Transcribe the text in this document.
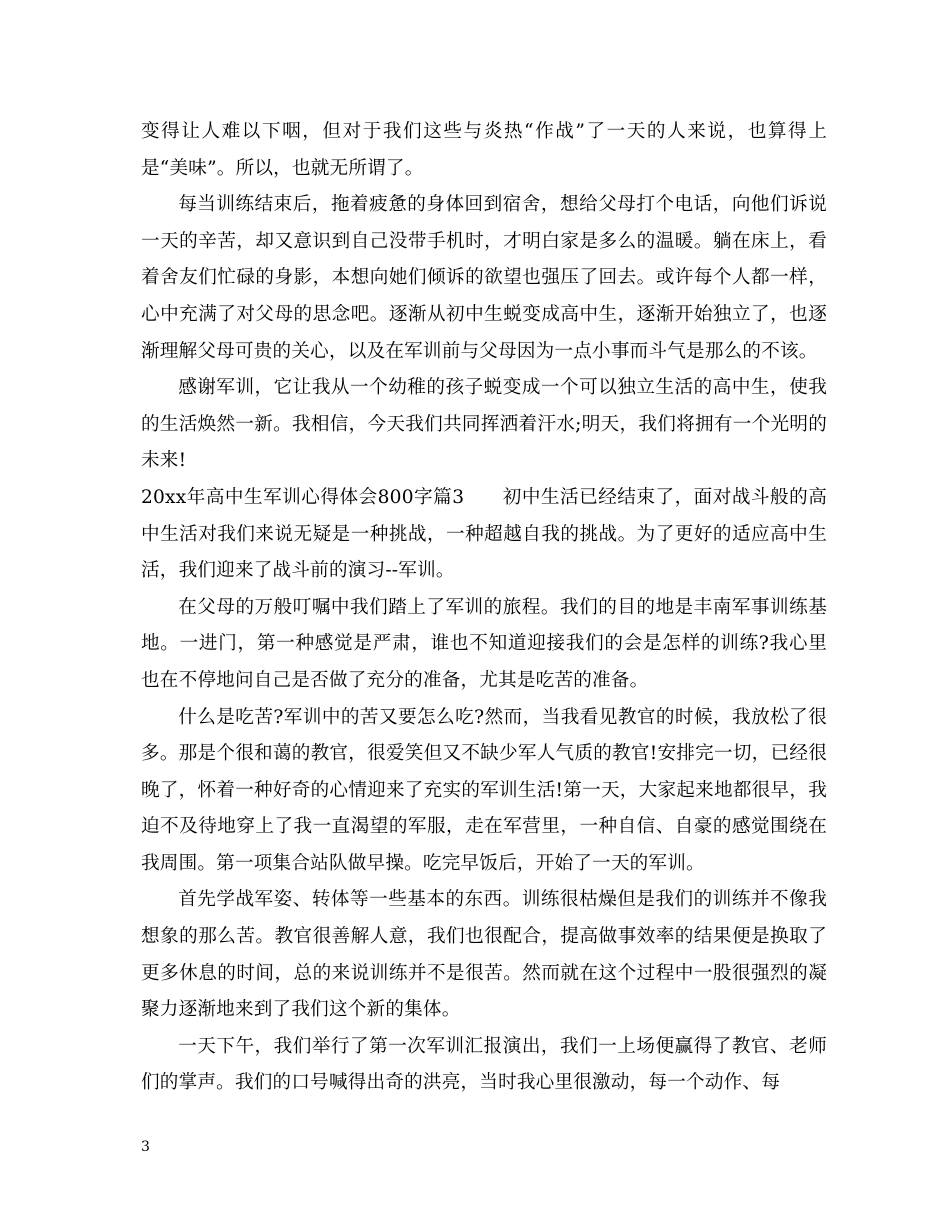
变得让人难以下咽，但对于我们这些与炎热“作战”了一天的人来说，也算得上是“美味”。所以，也就无所谓了。

每当训练结束后，拖着疲惫的身体回到宿舍，想给父母打个电话，向他们诉说一天的辛苦，却又意识到自己没带手机时，才明白家是多么的温暖。躺在床上，看着舍友们忙碌的身影，本想向她们倾诉的欲望也强压了回去。或许每个人都一样，心中充满了对父母的思念吧。逐渐从初中生蜕变成高中生，逐渐开始独立了，也逐渐理解父母可贵的关心，以及在军训前与父母因为一点小事而斗气是那么的不该。

感谢军训，它让我从一个幼稚的孩子蜕变成一个可以独立生活的高中生，使我的生活焕然一新。我相信，今天我们共同挥洒着汗水;明天，我们将拥有一个光明的未来!

20xx年高中生军训心得体会800字篇3 初中生活已经结束了，面对战斗般的高中生活对我们来说无疑是一种挑战，一种超越自我的挑战。为了更好的适应高中生活，我们迎来了战斗前的演习--军训。

在父母的万般叮嘱中我们踏上了军训的旅程。我们的目的地是丰南军事训练基地。一进门，第一种感觉是严肃，谁也不知道迎接我们的会是怎样的训练?我心里也在不停地问自己是否做了充分的准备，尤其是吃苦的准备。

什么是吃苦?军训中的苦又要怎么吃?然而，当我看见教官的时候，我放松了很多。那是个很和蔼的教官，很爱笑但又不缺少军人气质的教官!安排完一切，已经很晚了，怀着一种好奇的心情迎来了充实的军训生活!第一天，大家起来地都很早，我迫不及待地穿上了我一直渴望的军服，走在军营里，一种自信、自豪的感觉围绕在我周围。第一项集合站队做早操。吃完早饭后，开始了一天的军训。

首先学战军姿、转体等一些基本的东西。训练很枯燥但是我们的训练并不像我想象的那么苦。教官很善解人意，我们也很配合，提高做事效率的结果便是换取了更多休息的时间，总的来说训练并不是很苦。然而就在这个过程中一股很强烈的凝聚力逐渐地来到了我们这个新的集体。

一天下午，我们举行了第一次军训汇报演出，我们一上场便赢得了教官、老师们的掌声。我们的口号喊得出奇的洪亮，当时我心里很激动，每一个动作、每

3
